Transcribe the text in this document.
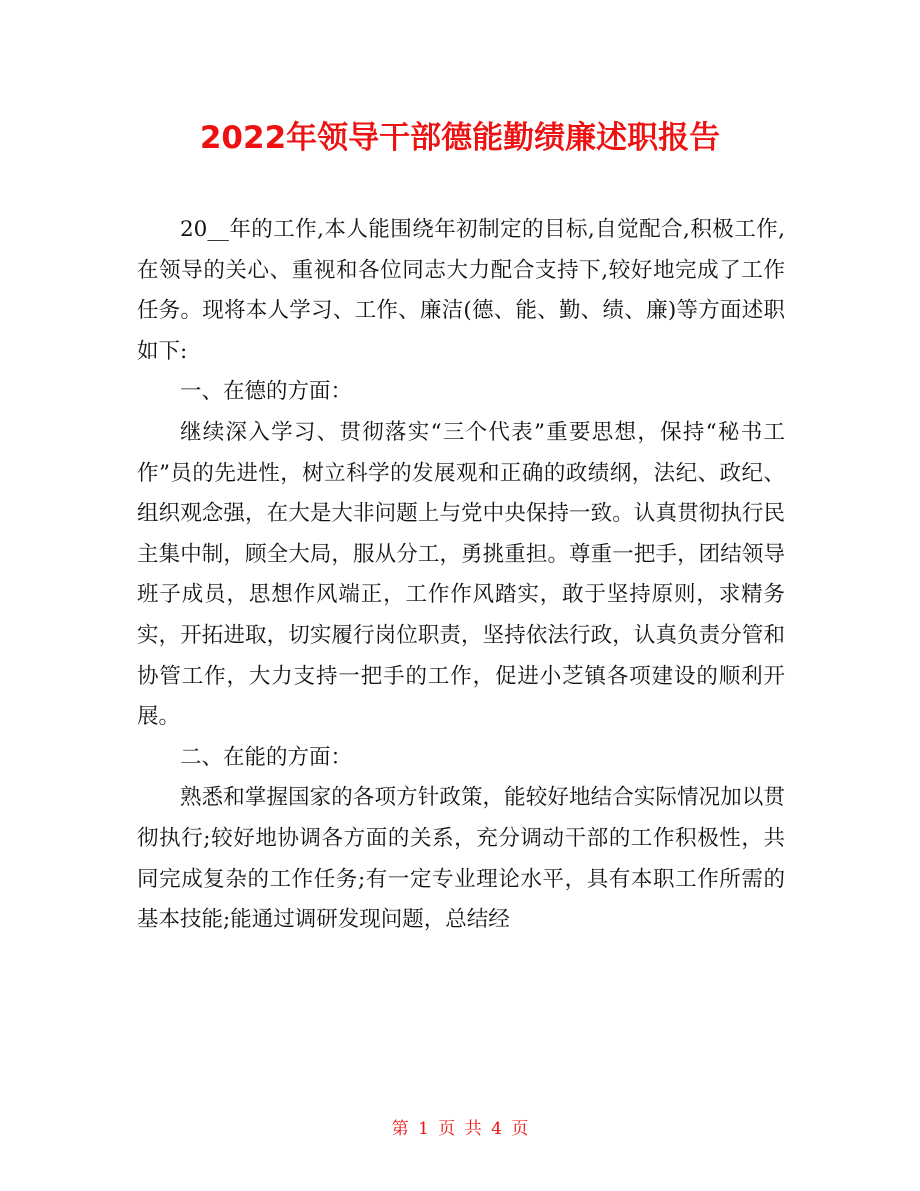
2022年领导干部德能勤绩廉述职报告

20__年的工作,本人能围绕年初制定的目标,自觉配合,积极工作,在领导的关心、重视和各位同志大力配合支持下,较好地完成了工作任务。现将本人学习、工作、廉洁(德、能、勤、绩、廉)等方面述职如下:

一、在德的方面：

继续深入学习、贯彻落实“三个代表”重要思想，保持“秘书工作”员的先进性，树立科学的发展观和正确的政绩纲，法纪、政纪、组织观念强，在大是大非问题上与党中央保持一致。认真贯彻执行民主集中制，顾全大局，服从分工，勇挑重担。尊重一把手，团结领导班子成员，思想作风端正，工作作风踏实，敢于坚持原则，求精务实，开拓进取，切实履行岗位职责，坚持依法行政，认真负责分管和协管工作，大力支持一把手的工作，促进小芝镇各项建设的顺利开展。

二、在能的方面：

熟悉和掌握国家的各项方针政策，能较好地结合实际情况加以贯彻执行;较好地协调各方面的关系，充分调动干部的工作积极性，共同完成复杂的工作任务;有一定专业理论水平，具有本职工作所需的基本技能;能通过调研发现问题，总结经

第 1 页 共 4 页
